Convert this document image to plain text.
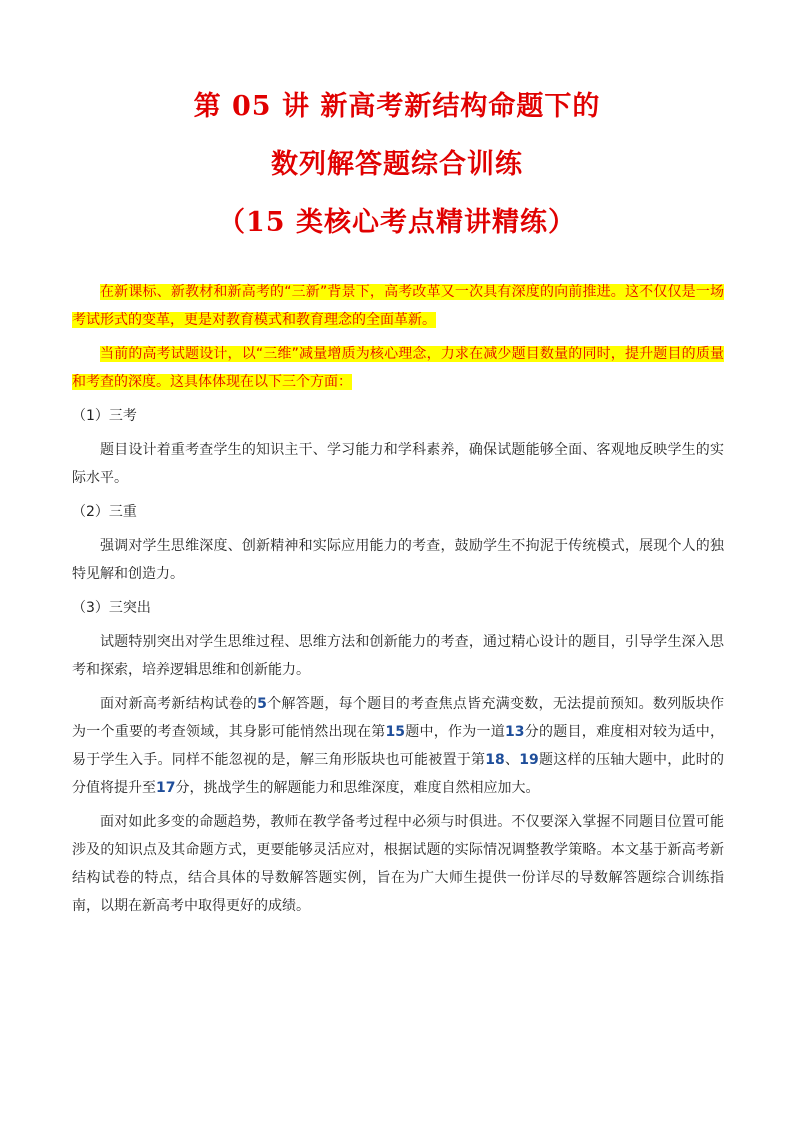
第 05 讲 新高考新结构命题下的
数列解答题综合训练
（15 类核心考点精讲精练）

在新课标、新教材和新高考的“三新”背景下，高考改革又一次具有深度的向前推进。这不仅仅是一场考试形式的变革，更是对教育模式和教育理念的全面革新。

当前的高考试题设计，以“三维”减量增质为核心理念，力求在减少题目数量的同时，提升题目的质量和考查的深度。这具体体现在以下三个方面：

（1）三考

题目设计着重考查学生的知识主干、学习能力和学科素养，确保试题能够全面、客观地反映学生的实际水平。

（2）三重

强调对学生思维深度、创新精神和实际应用能力的考查，鼓励学生不拘泥于传统模式，展现个人的独特见解和创造力。

（3）三突出

试题特别突出对学生思维过程、思维方法和创新能力的考查，通过精心设计的题目，引导学生深入思考和探索，培养逻辑思维和创新能力。

面对新高考新结构试卷的5个解答题，每个题目的考查焦点皆充满变数，无法提前预知。数列版块作为一个重要的考查领域，其身影可能悄然出现在第15题中，作为一道13分的题目，难度相对较为适中，易于学生入手。同样不能忽视的是，解三角形版块也可能被置于第18、19题这样的压轴大题中，此时的分值将提升至17分，挑战学生的解题能力和思维深度，难度自然相应加大。

面对如此多变的命题趋势，教师在教学备考过程中必须与时俱进。不仅要深入掌握不同题目位置可能涉及的知识点及其命题方式，更要能够灵活应对，根据试题的实际情况调整教学策略。本文基于新高考新结构试卷的特点，结合具体的导数解答题实例，旨在为广大师生提供一份详尽的导数解答题综合训练指南，以期在新高考中取得更好的成绩。
